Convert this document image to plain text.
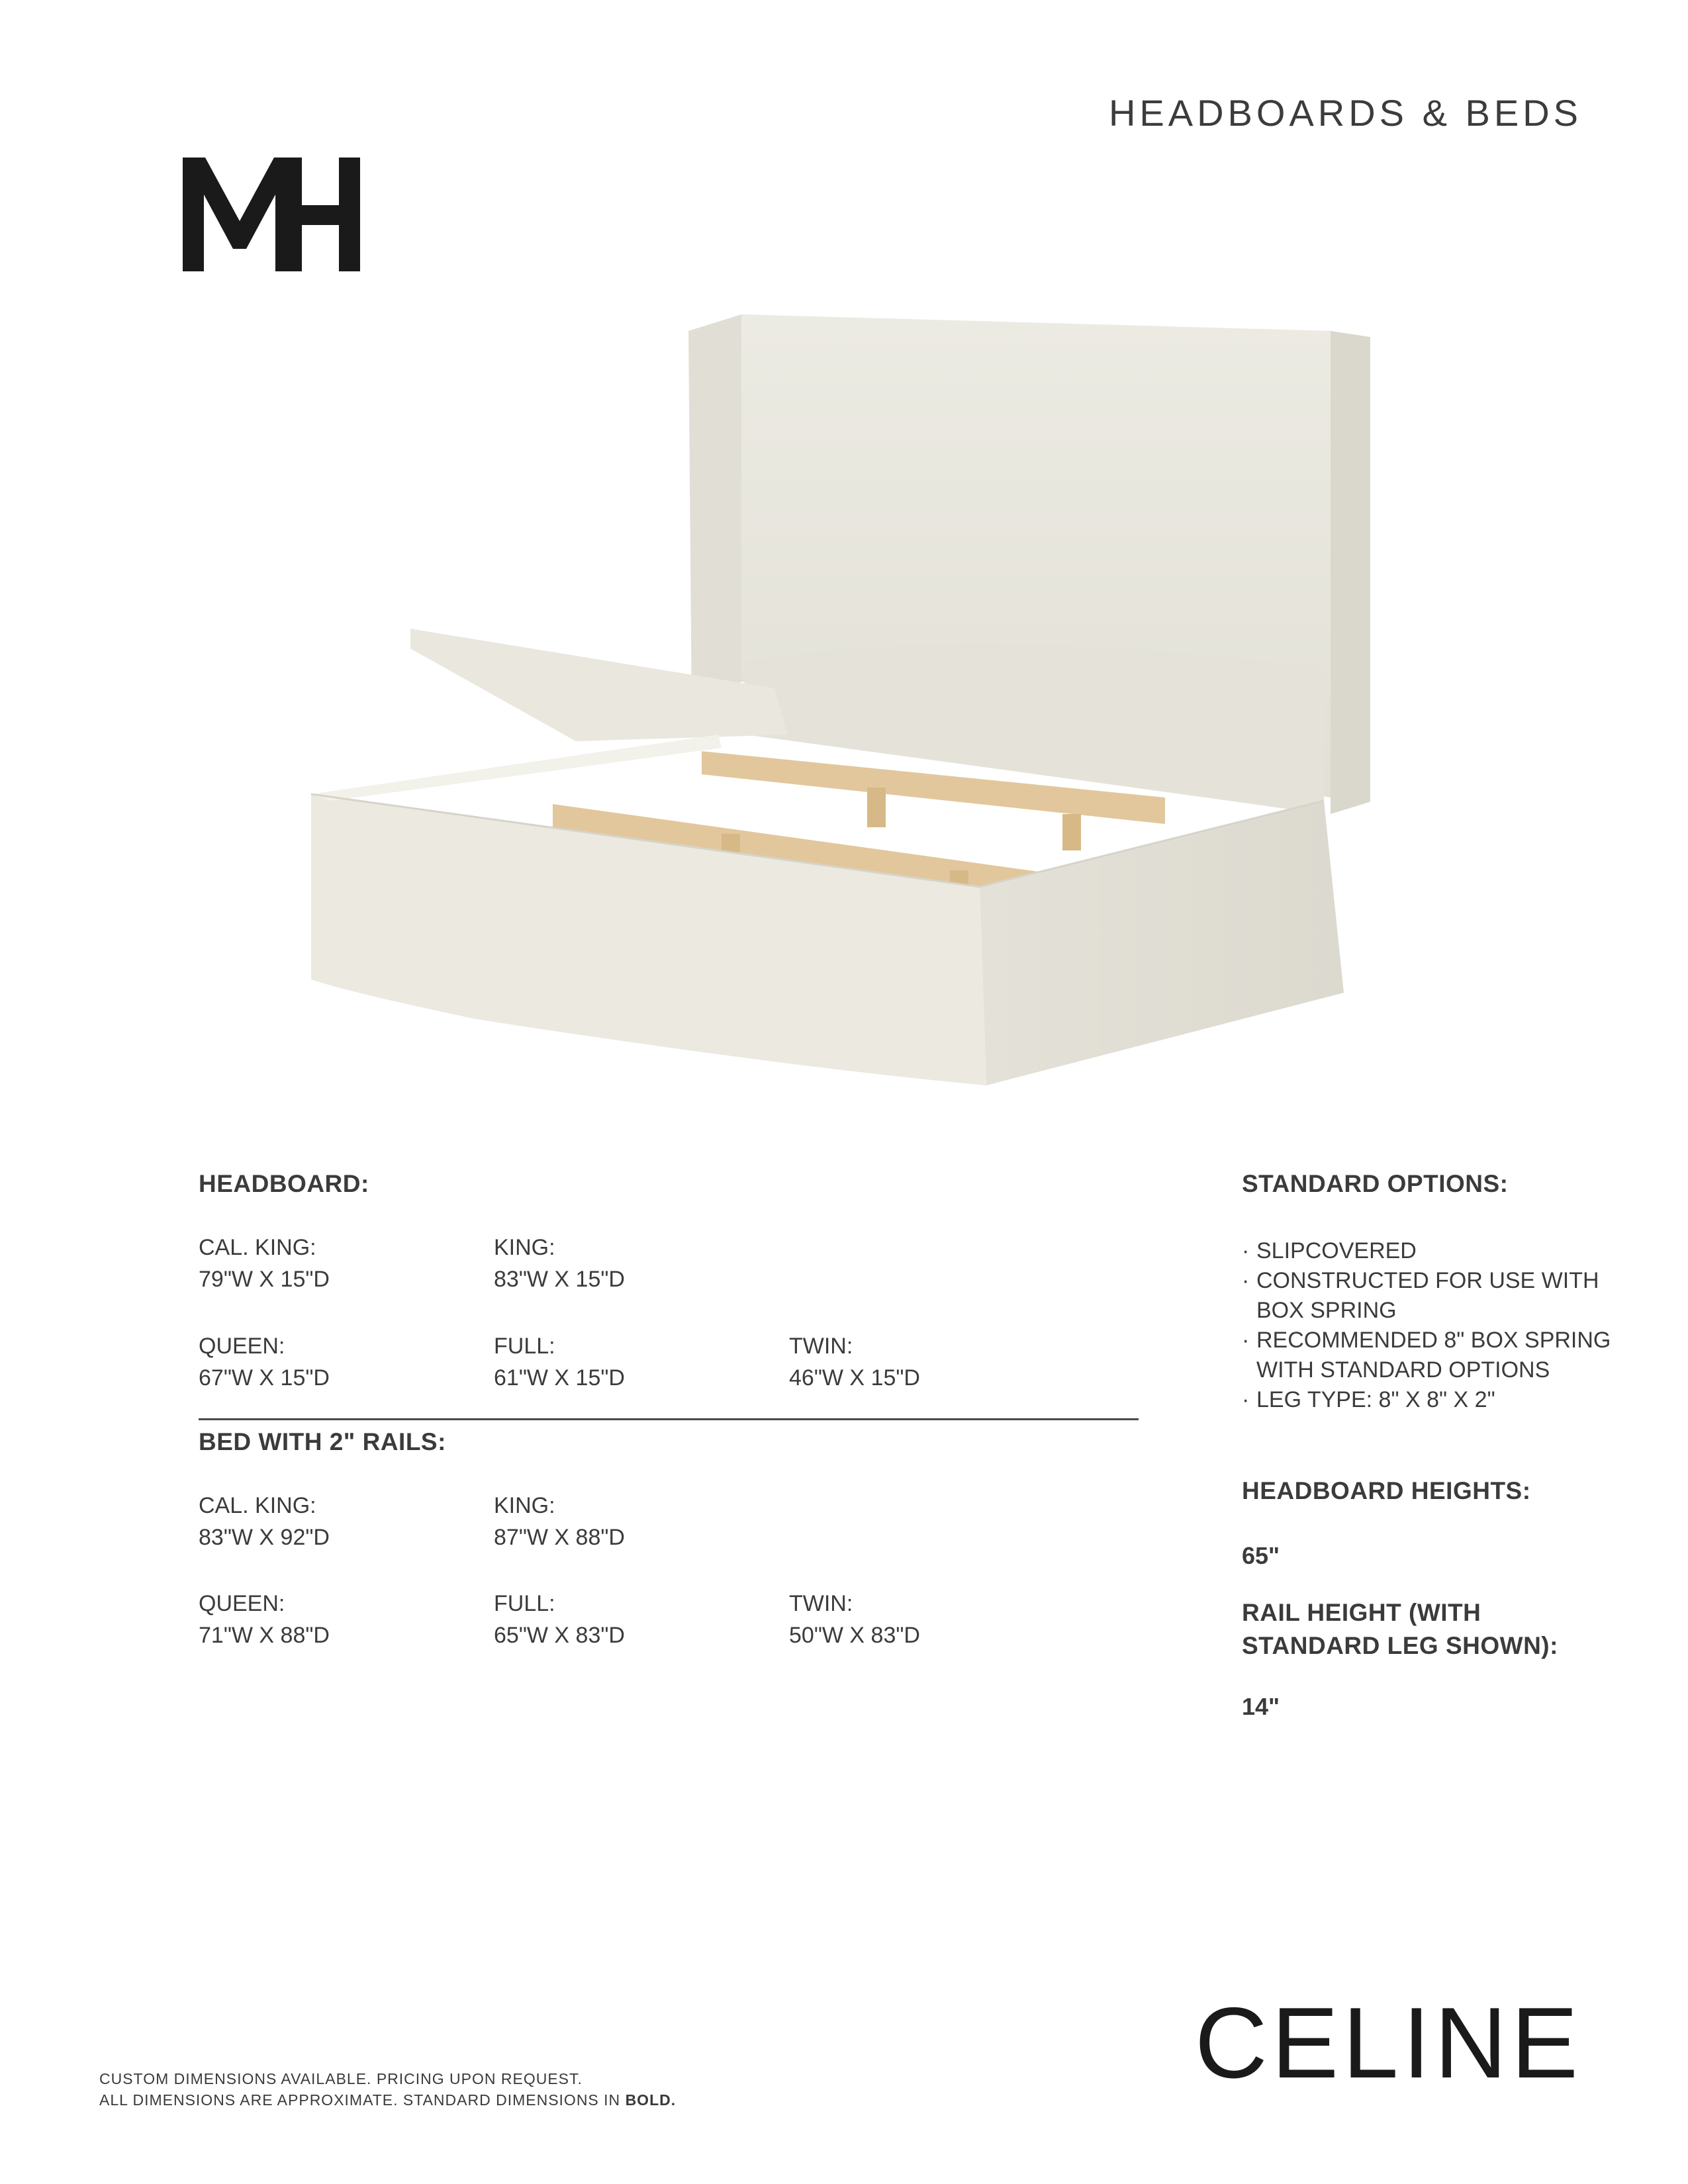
HEADBOARDS & BEDS
HEADBOARD:
CAL. KING:
79"W X 15"D
KING:
83"W X 15"D
QUEEN:
67"W X 15"D
FULL:
61"W X 15"D
TWIN:
46"W X 15"D
BED WITH 2" RAILS:
CAL. KING:
83"W X 92"D
KING:
87"W X 88"D
QUEEN:
71"W X 88"D
FULL:
65"W X 83"D
TWIN:
50"W X 83"D
STANDARD OPTIONS:
· SLIPCOVERED
· CONSTRUCTED FOR USE WITH BOX SPRING
· RECOMMENDED 8" BOX SPRING WITH STANDARD OPTIONS
· LEG TYPE: 8" X 8" X 2"
HEADBOARD HEIGHTS:
65"
RAIL HEIGHT (WITH
STANDARD LEG SHOWN):
14"
CELINE
CUSTOM DIMENSIONS AVAILABLE. PRICING UPON REQUEST.
ALL DIMENSIONS ARE APPROXIMATE. STANDARD DIMENSIONS IN BOLD.
